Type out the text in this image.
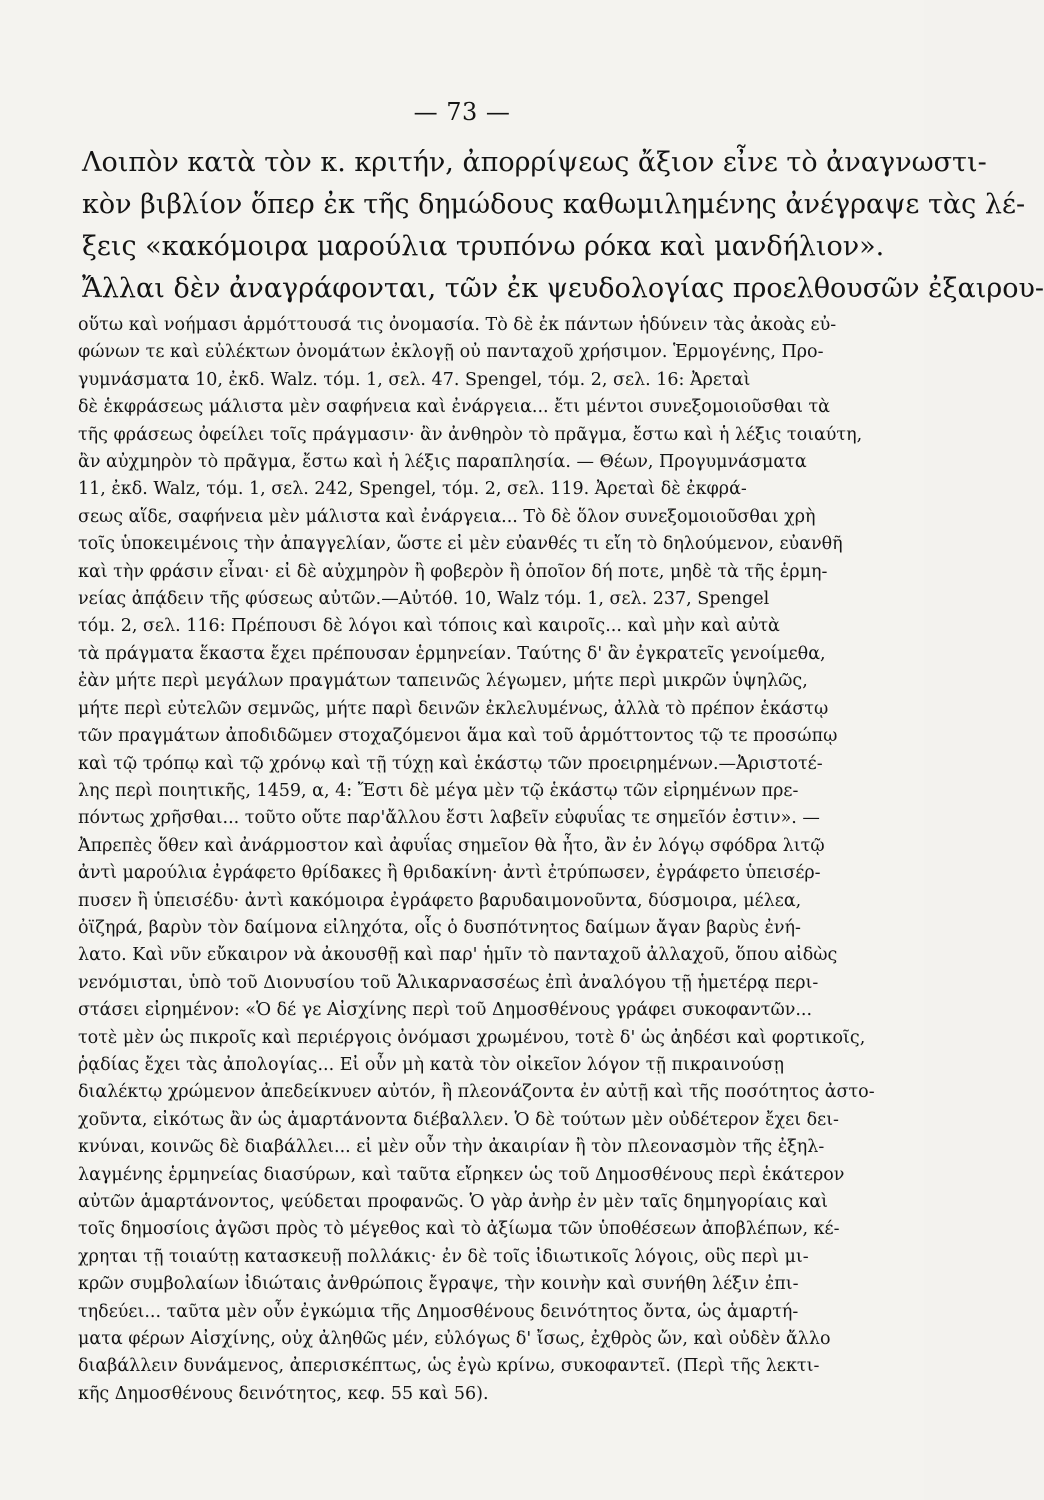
— 73 —
Λοιπὸν κατὰ τὸν κ. κριτήν, ἀπορρίψεως ἄξιον εἶνε τὸ ἀναγνωστι-
κὸν βιβλίον ὅπερ ἐκ τῆς δημώδους καθωμιλημένης ἀνέγραψε τὰς λέ-
ξεις «κακόμοιρα μαρούλια τρυπόνω ρόκα καὶ μανδήλιον».
Ἄλλαι δὲν ἀναγράφονται, τῶν ἐκ ψευδολογίας προελθουσῶν ἐξαιρου-
οὕτω καὶ νοήμασι ἁρμόττουσά τις ὀνομασία. Τὸ δὲ ἐκ πάντων ἡδύνειν τὰς ἀκοὰς εὐ-
φώνων τε καὶ εὐλέκτων ὀνομάτων ἐκλογῇ οὐ πανταχοῦ χρήσιμον. Ἑρμογένης, Προ-
γυμνάσματα 10, ἐκδ. Walz. τόμ. 1, σελ. 47. Spengel, τόμ. 2, σελ. 16: Ἀρεταὶ
δὲ ἑκφράσεως μάλιστα μὲν σαφήνεια καὶ ἐνάργεια... ἔτι μέντοι συνεξομοιοῦσθαι τὰ
τῆς φράσεως ὀφείλει τοῖς πράγμασιν· ἂν ἀνθηρὸν τὸ πρᾶγμα, ἔστω καὶ ἡ λέξις τοιαύτη,
ἂν αὐχμηρὸν τὸ πρᾶγμα, ἔστω καὶ ἡ λέξις παραπλησία. — Θέων, Προγυμνάσματα
11, ἐκδ. Walz, τόμ. 1, σελ. 242, Spengel, τόμ. 2, σελ. 119. Ἀρεταὶ δὲ ἐκφρά-
σεως αἵδε, σαφήνεια μὲν μάλιστα καὶ ἐνάργεια... Τὸ δὲ ὅλον συνεξομοιοῦσθαι χρὴ
τοῖς ὑποκειμένοις τὴν ἀπαγγελίαν, ὥστε εἰ μὲν εὐανθές τι εἴη τὸ δηλούμενον, εὐανθῆ
καὶ τὴν φράσιν εἶναι· εἰ δὲ αὐχμηρὸν ἢ φοβερὸν ἢ ὁποῖον δή ποτε, μηδὲ τὰ τῆς ἑρμη-
νείας ἀπᾴδειν τῆς φύσεως αὐτῶν.—Αὐτόθ. 10, Walz τόμ. 1, σελ. 237, Spengel
τόμ. 2, σελ. 116: Πρέπουσι δὲ λόγοι καὶ τόποις καὶ καιροῖς... καὶ μὴν καὶ αὐτὰ
τὰ πράγματα ἕκαστα ἔχει πρέπουσαν ἑρμηνείαν. Ταύτης δ' ἂν ἐγκρατεῖς γενοίμεθα,
ἐὰν μήτε περὶ μεγάλων πραγμάτων ταπεινῶς λέγωμεν, μήτε περὶ μικρῶν ὑψηλῶς,
μήτε περὶ εὐτελῶν σεμνῶς, μήτε παρὶ δεινῶν ἐκλελυμένως, ἀλλὰ τὸ πρέπον ἑκάστῳ
τῶν πραγμάτων ἀποδιδῶμεν στοχαζόμενοι ἅμα καὶ τοῦ ἁρμόττοντος τῷ τε προσώπῳ
καὶ τῷ τρόπῳ καὶ τῷ χρόνῳ καὶ τῇ τύχῃ καὶ ἑκάστῳ τῶν προειρημένων.—Ἀριστοτέ-
λης περὶ ποιητικῆς, 1459, α, 4: Ἔστι δὲ μέγα μὲν τῷ ἑκάστῳ τῶν εἰρημένων πρε-
πόντως χρῆσθαι... τοῦτο οὔτε παρ'ἄλλου ἔστι λαβεῖν εὐφυΐας τε σημεῖόν ἐστιν». —
Ἀπρεπὲς ὅθεν καὶ ἀνάρμοστον καὶ ἀφυΐας σημεῖον θὰ ἦτο, ἂν ἐν λόγῳ σφόδρα λιτῷ
ἀντὶ μαρούλια ἐγράφετο θρίδακες ἢ θριδακίνη· ἀντὶ ἐτρύπωσεν, ἐγράφετο ὑπεισέρ-
πυσεν ἢ ὑπεισέδυ· ἀντὶ κακόμοιρα ἐγράφετο βαρυδαιμονοῦντα, δύσμοιρα, μέλεα,
ὀϊζηρά, βαρὺν τὸν δαίμονα εἰληχότα, οἷς ὁ δυσπότνητος δαίμων ἄγαν βαρὺς ἐνή-
λατο. Καὶ νῦν εὔκαιρον νὰ ἀκουσθῇ καὶ παρ' ἡμῖν τὸ πανταχοῦ ἀλλαχοῦ, ὅπου αἰδὼς
νενόμισται, ὑπὸ τοῦ Διονυσίου τοῦ Ἁλικαρνασσέως ἐπὶ ἀναλόγου τῇ ἡμετέρᾳ περι-
στάσει εἰρημένον: «Ὁ δέ γε Αἰσχίνης περὶ τοῦ Δημοσθένους γράφει συκοφαντῶν...
τοτὲ μὲν ὡς πικροῖς καὶ περιέργοις ὀνόμασι χρωμένου, τοτὲ δ' ὡς ἀηδέσι καὶ φορτικοῖς,
ῥᾳδίας ἔχει τὰς ἀπολογίας... Εἰ οὖν μὴ κατὰ τὸν οἰκεῖον λόγον τῇ πικραινούσῃ
διαλέκτῳ χρώμενον ἀπεδείκνυεν αὐτόν, ἢ πλεονάζοντα ἐν αὐτῇ καὶ τῆς ποσότητος ἀστο-
χοῦντα, εἰκότως ἂν ὡς ἁμαρτάνοντα διέβαλλεν. Ὁ δὲ τούτων μὲν οὐδέτερον ἔχει δει-
κνύναι, κοινῶς δὲ διαβάλλει... εἰ μὲν οὖν τὴν ἀκαιρίαν ἢ τὸν πλεονασμὸν τῆς ἐξηλ-
λαγμένης ἑρμηνείας διασύρων, καὶ ταῦτα εἴρηκεν ὡς τοῦ Δημοσθένους περὶ ἑκάτερον
αὐτῶν ἁμαρτάνοντος, ψεύδεται προφανῶς. Ὁ γὰρ ἀνὴρ ἐν μὲν ταῖς δημηγορίαις καὶ
τοῖς δημοσίοις ἀγῶσι πρὸς τὸ μέγεθος καὶ τὸ ἀξίωμα τῶν ὑποθέσεων ἀποβλέπων, κέ-
χρηται τῇ τοιαύτῃ κατασκευῇ πολλάκις· ἐν δὲ τοῖς ἰδιωτικοῖς λόγοις, οὓς περὶ μι-
κρῶν συμβολαίων ἰδιώταις ἀνθρώποις ἔγραψε, τὴν κοινὴν καὶ συνήθη λέξιν ἐπι-
τηδεύει... ταῦτα μὲν οὖν ἐγκώμια τῆς Δημοσθένους δεινότητος ὄντα, ὡς ἁμαρτή-
ματα φέρων Αἰσχίνης, οὐχ ἀληθῶς μέν, εὐλόγως δ' ἴσως, ἐχθρὸς ὤν, καὶ οὐδὲν ἄλλο
διαβάλλειν δυνάμενος, ἀπερισκέπτως, ὡς ἐγὼ κρίνω, συκοφαντεῖ. (Περὶ τῆς λεκτι-
κῆς Δημοσθένους δεινότητος, κεφ. 55 καὶ 56).
